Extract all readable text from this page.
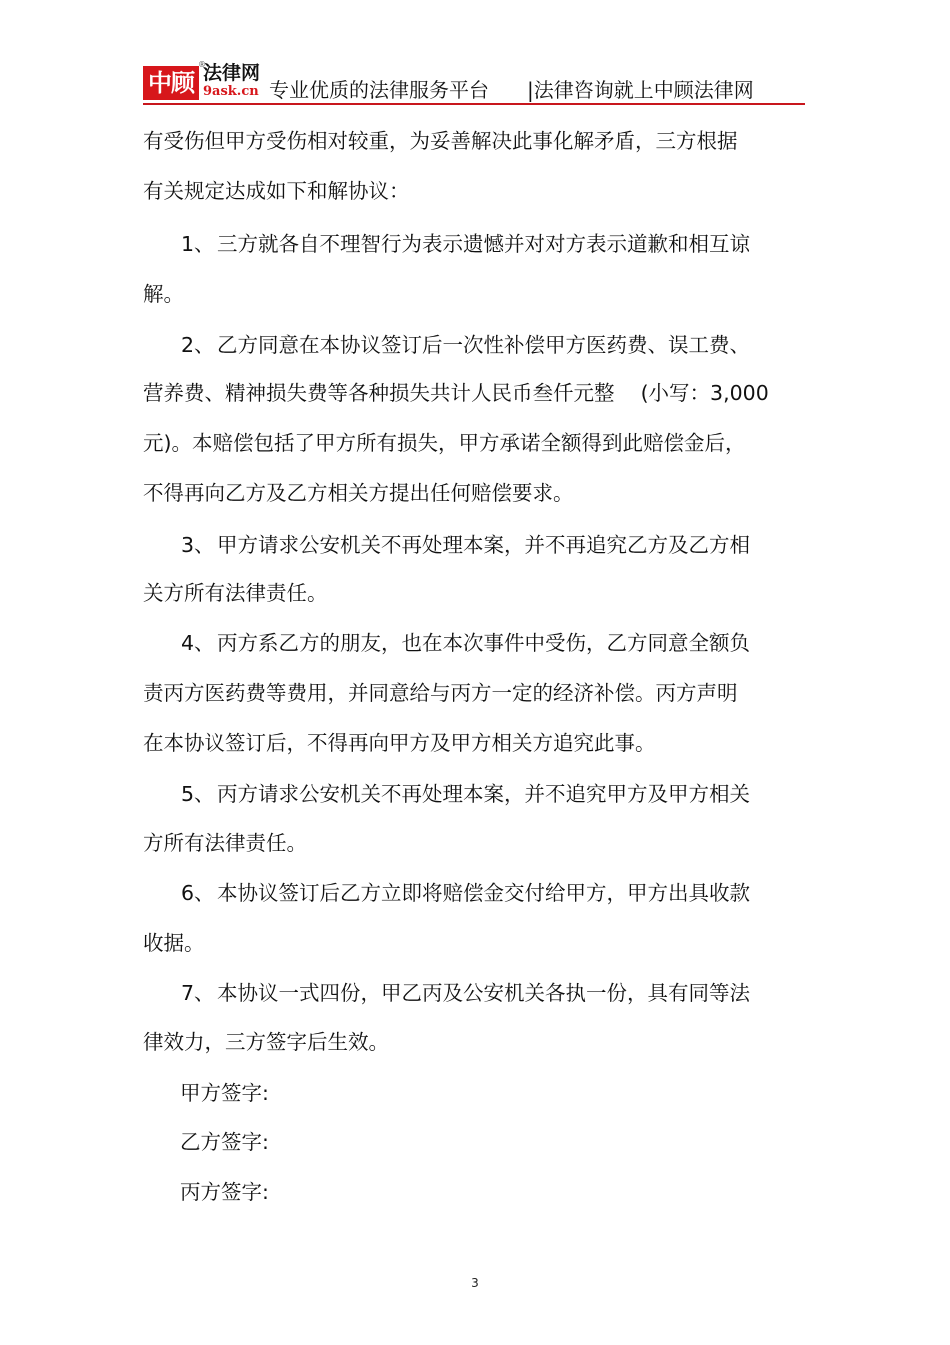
中顾
®
法律网
9ask.cn 专业优质的法律服务平台 |法律咨询就上中顾法律网
有受伤但甲方受伤相对较重，为妥善解决此事化解矛盾，三方根据
有关规定达成如下和解协议：
1、 三方就各自不理智行为表示遗憾并对对方表示道歉和相互谅
解。
2、 乙方同意在本协议签订后一次性补偿甲方医药费、误工费、
营养费、精神损失费等各种损失共计人民币叁仟元整    (小写：3,000
元)。本赔偿包括了甲方所有损失，甲方承诺全额得到此赔偿金后，
不得再向乙方及乙方相关方提出任何赔偿要求。
3、 甲方请求公安机关不再处理本案，并不再追究乙方及乙方相
关方所有法律责任。
4、 丙方系乙方的朋友，也在本次事件中受伤，乙方同意全额负
责丙方医药费等费用，并同意给与丙方一定的经济补偿。丙方声明
在本协议签订后，不得再向甲方及甲方相关方追究此事。
5、 丙方请求公安机关不再处理本案，并不追究甲方及甲方相关
方所有法律责任。
6、 本协议签订后乙方立即将赔偿金交付给甲方，甲方出具收款
收据。
7、 本协议一式四份，甲乙丙及公安机关各执一份，具有同等法
律效力，三方签字后生效。
甲方签字:
乙方签字:
丙方签字:
3
